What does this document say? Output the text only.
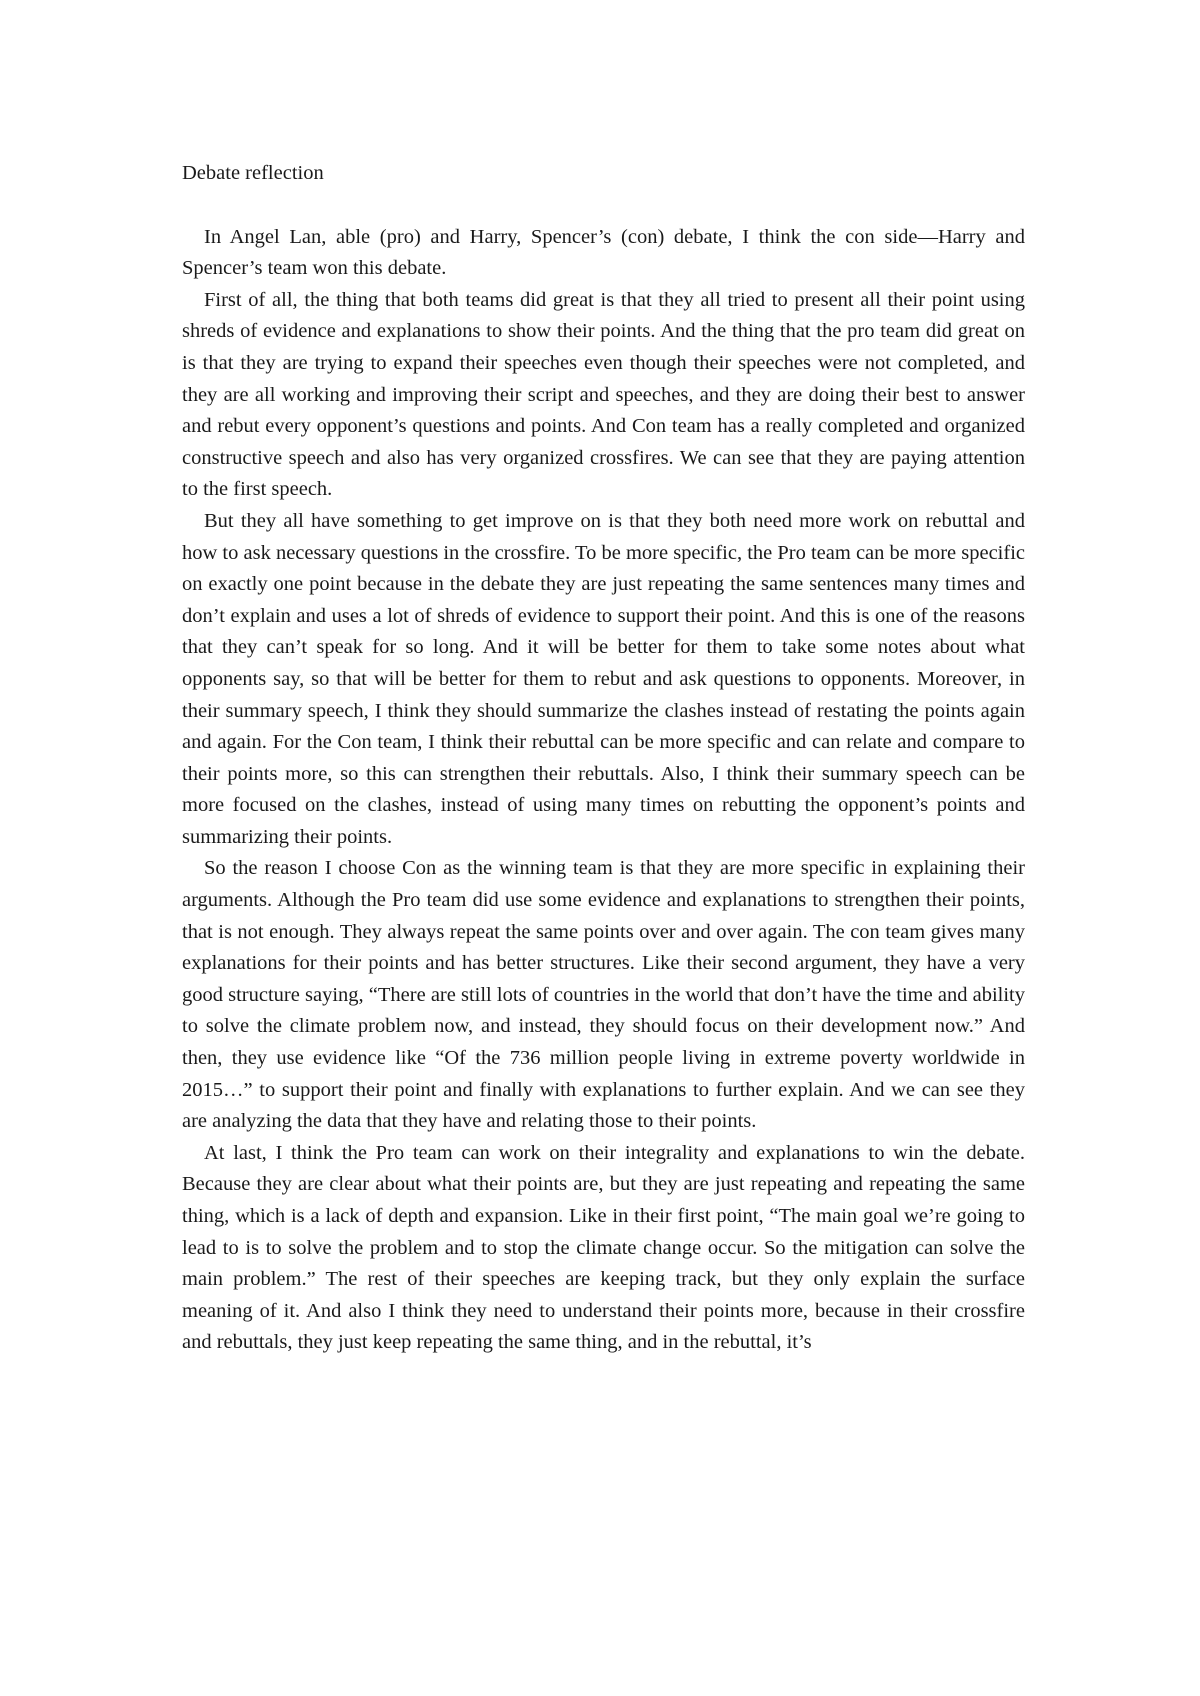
Debate reflection

In Angel Lan, able (pro) and Harry, Spencer’s (con) debate, I think the con side—Harry and Spencer’s team won this debate.

First of all, the thing that both teams did great is that they all tried to present all their point using shreds of evidence and explanations to show their points. And the thing that the pro team did great on is that they are trying to expand their speeches even though their speeches were not completed, and they are all working and improving their script and speeches, and they are doing their best to answer and rebut every opponent’s questions and points. And Con team has a really completed and organized constructive speech and also has very organized crossfires. We can see that they are paying attention to the first speech.

But they all have something to get improve on is that they both need more work on rebuttal and how to ask necessary questions in the crossfire. To be more specific, the Pro team can be more specific on exactly one point because in the debate they are just repeating the same sentences many times and don’t explain and uses a lot of shreds of evidence to support their point. And this is one of the reasons that they can’t speak for so long. And it will be better for them to take some notes about what opponents say, so that will be better for them to rebut and ask questions to opponents. Moreover, in their summary speech, I think they should summarize the clashes instead of restating the points again and again. For the Con team, I think their rebuttal can be more specific and can relate and compare to their points more, so this can strengthen their rebuttals. Also, I think their summary speech can be more focused on the clashes, instead of using many times on rebutting the opponent’s points and summarizing their points.

So the reason I choose Con as the winning team is that they are more specific in explaining their arguments. Although the Pro team did use some evidence and explanations to strengthen their points, that is not enough. They always repeat the same points over and over again. The con team gives many explanations for their points and has better structures. Like their second argument, they have a very good structure saying, “There are still lots of countries in the world that don’t have the time and ability to solve the climate problem now, and instead, they should focus on their development now.” And then, they use evidence like “Of the 736 million people living in extreme poverty worldwide in 2015…” to support their point and finally with explanations to further explain. And we can see they are analyzing the data that they have and relating those to their points.

At last, I think the Pro team can work on their integrality and explanations to win the debate. Because they are clear about what their points are, but they are just repeating and repeating the same thing, which is a lack of depth and expansion. Like in their first point, “The main goal we’re going to lead to is to solve the problem and to stop the climate change occur. So the mitigation can solve the main problem.” The rest of their speeches are keeping track, but they only explain the surface meaning of it. And also I think they need to understand their points more, because in their crossfire and rebuttals, they just keep repeating the same thing, and in the rebuttal, it’s
